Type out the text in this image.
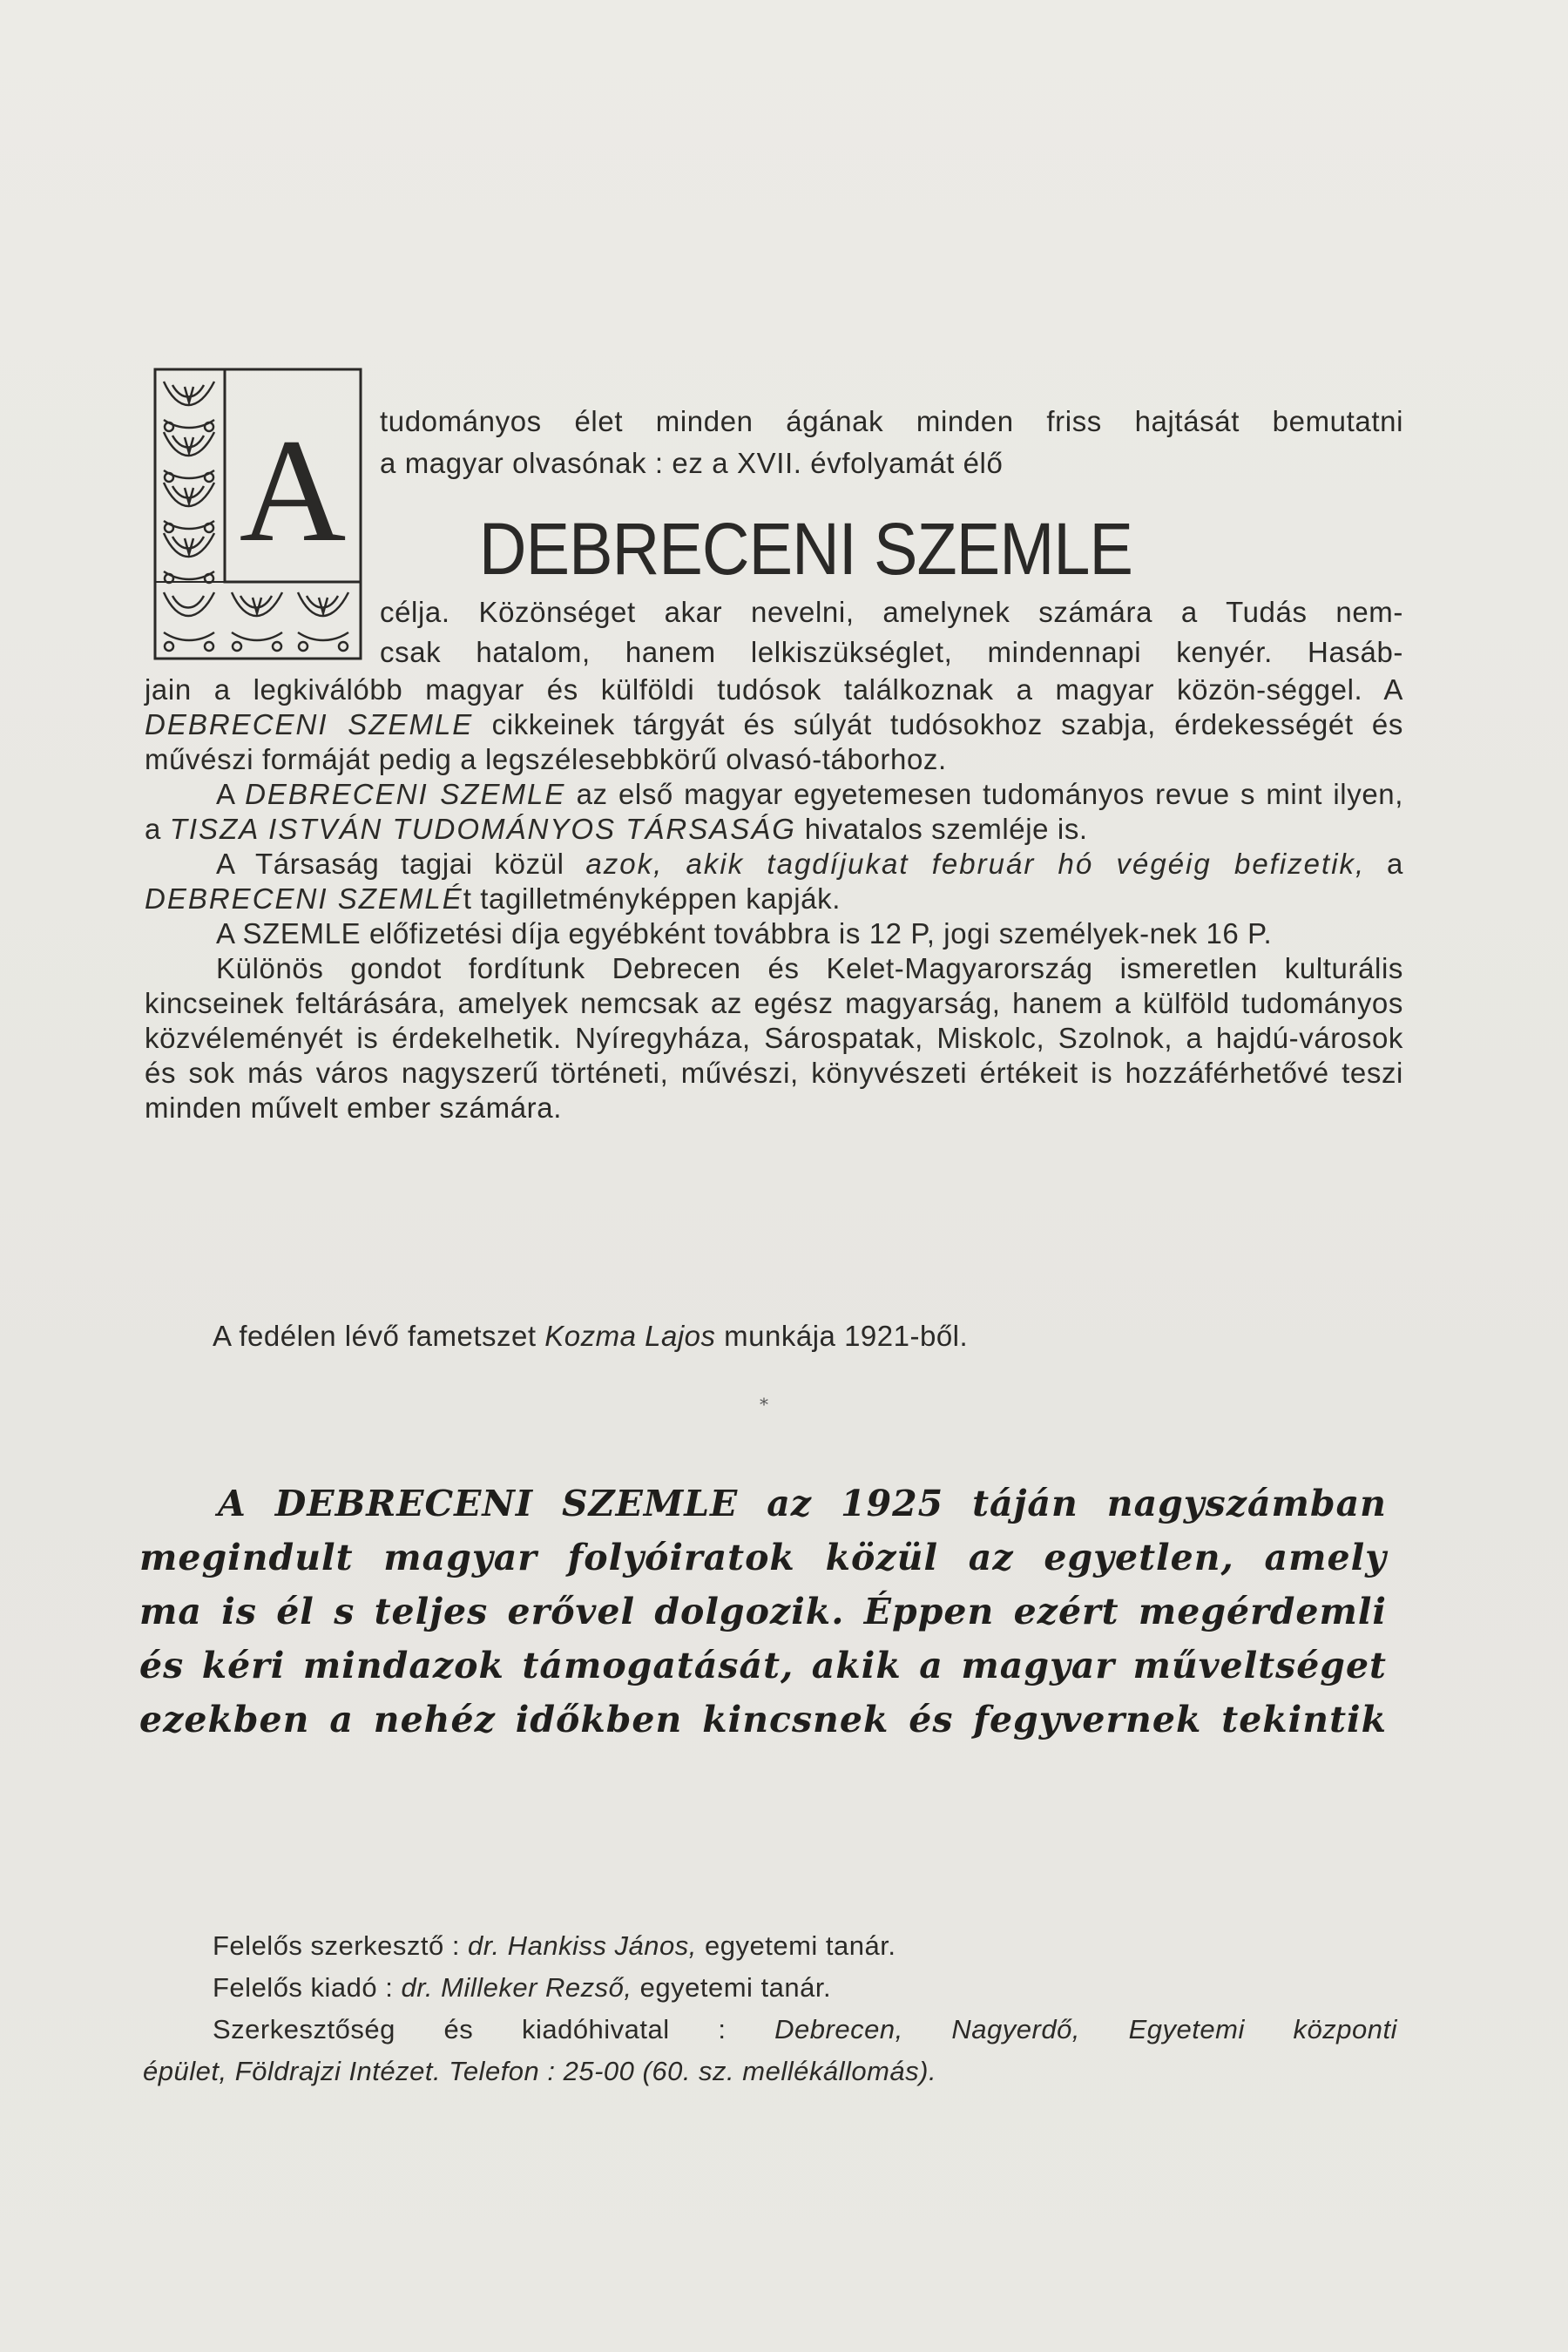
A tudományos élet minden ágának minden friss hajtását bemutatni
a magyar olvasónak : ez a XVII. évfolyamát élő
DEBRECENI SZEMLE
célja. Közönséget akar nevelni, amelynek számára a Tudás nem-
csak hatalom, hanem lelkiszükséglet, mindennapi kenyér. Hasáb-

jain a legkiválóbb magyar és külföldi tudósok találkoznak a magyar közön-séggel. A DEBRECENI SZEMLE cikkeinek tárgyát és súlyát tudósokhoz szabja, érdekességét és művészi formáját pedig a legszélesebbkörű olvasó-táborhoz.

A DEBRECENI SZEMLE az első magyar egyetemesen tudományos revue s mint ilyen, a TISZA ISTVÁN TUDOMÁNYOS TÁRSASÁG hivatalos szemléje is.

A Társaság tagjai közül azok, akik tagdíjukat február hó végéig befizetik, a DEBRECENI SZEMLÉt tagilletményképpen kapják.

A SZEMLE előfizetési díja egyébként továbbra is 12 P, jogi személyek-nek 16 P.

Különös gondot fordítunk Debrecen és Kelet-Magyarország ismeretlen kulturális kincseinek feltárására, amelyek nemcsak az egész magyarság, hanem a külföld tudományos közvéleményét is érdekelhetik. Nyíregyháza, Sárospatak, Miskolc, Szolnok, a hajdú-városok és sok más város nagyszerű történeti, művészi, könyvészeti értékeit is hozzáférhetővé teszi minden művelt ember számára.

A fedélen lévő fametszet Kozma Lajos munkája 1921-ből.
*
A DEBRECENI SZEMLE az 1925 táján nagyszámban
megindult magyar folyóiratok közül az egyetlen, amely
ma is él s teljes erővel dolgozik. Éppen ezért megérdemli
és kéri mindazok támogatását, akik a magyar műveltséget
ezekben a nehéz időkben kincsnek és fegyvernek tekintik
Felelős szerkesztő : dr. Hankiss János, egyetemi tanár.
Felelős kiadó : dr. Milleker Rezső, egyetemi tanár.
Szerkesztőség és kiadóhivatal : Debrecen, Nagyerdő, Egyetemi központi
épület, Földrajzi Intézet. Telefon : 25-00 (60. sz. mellékállomás).
